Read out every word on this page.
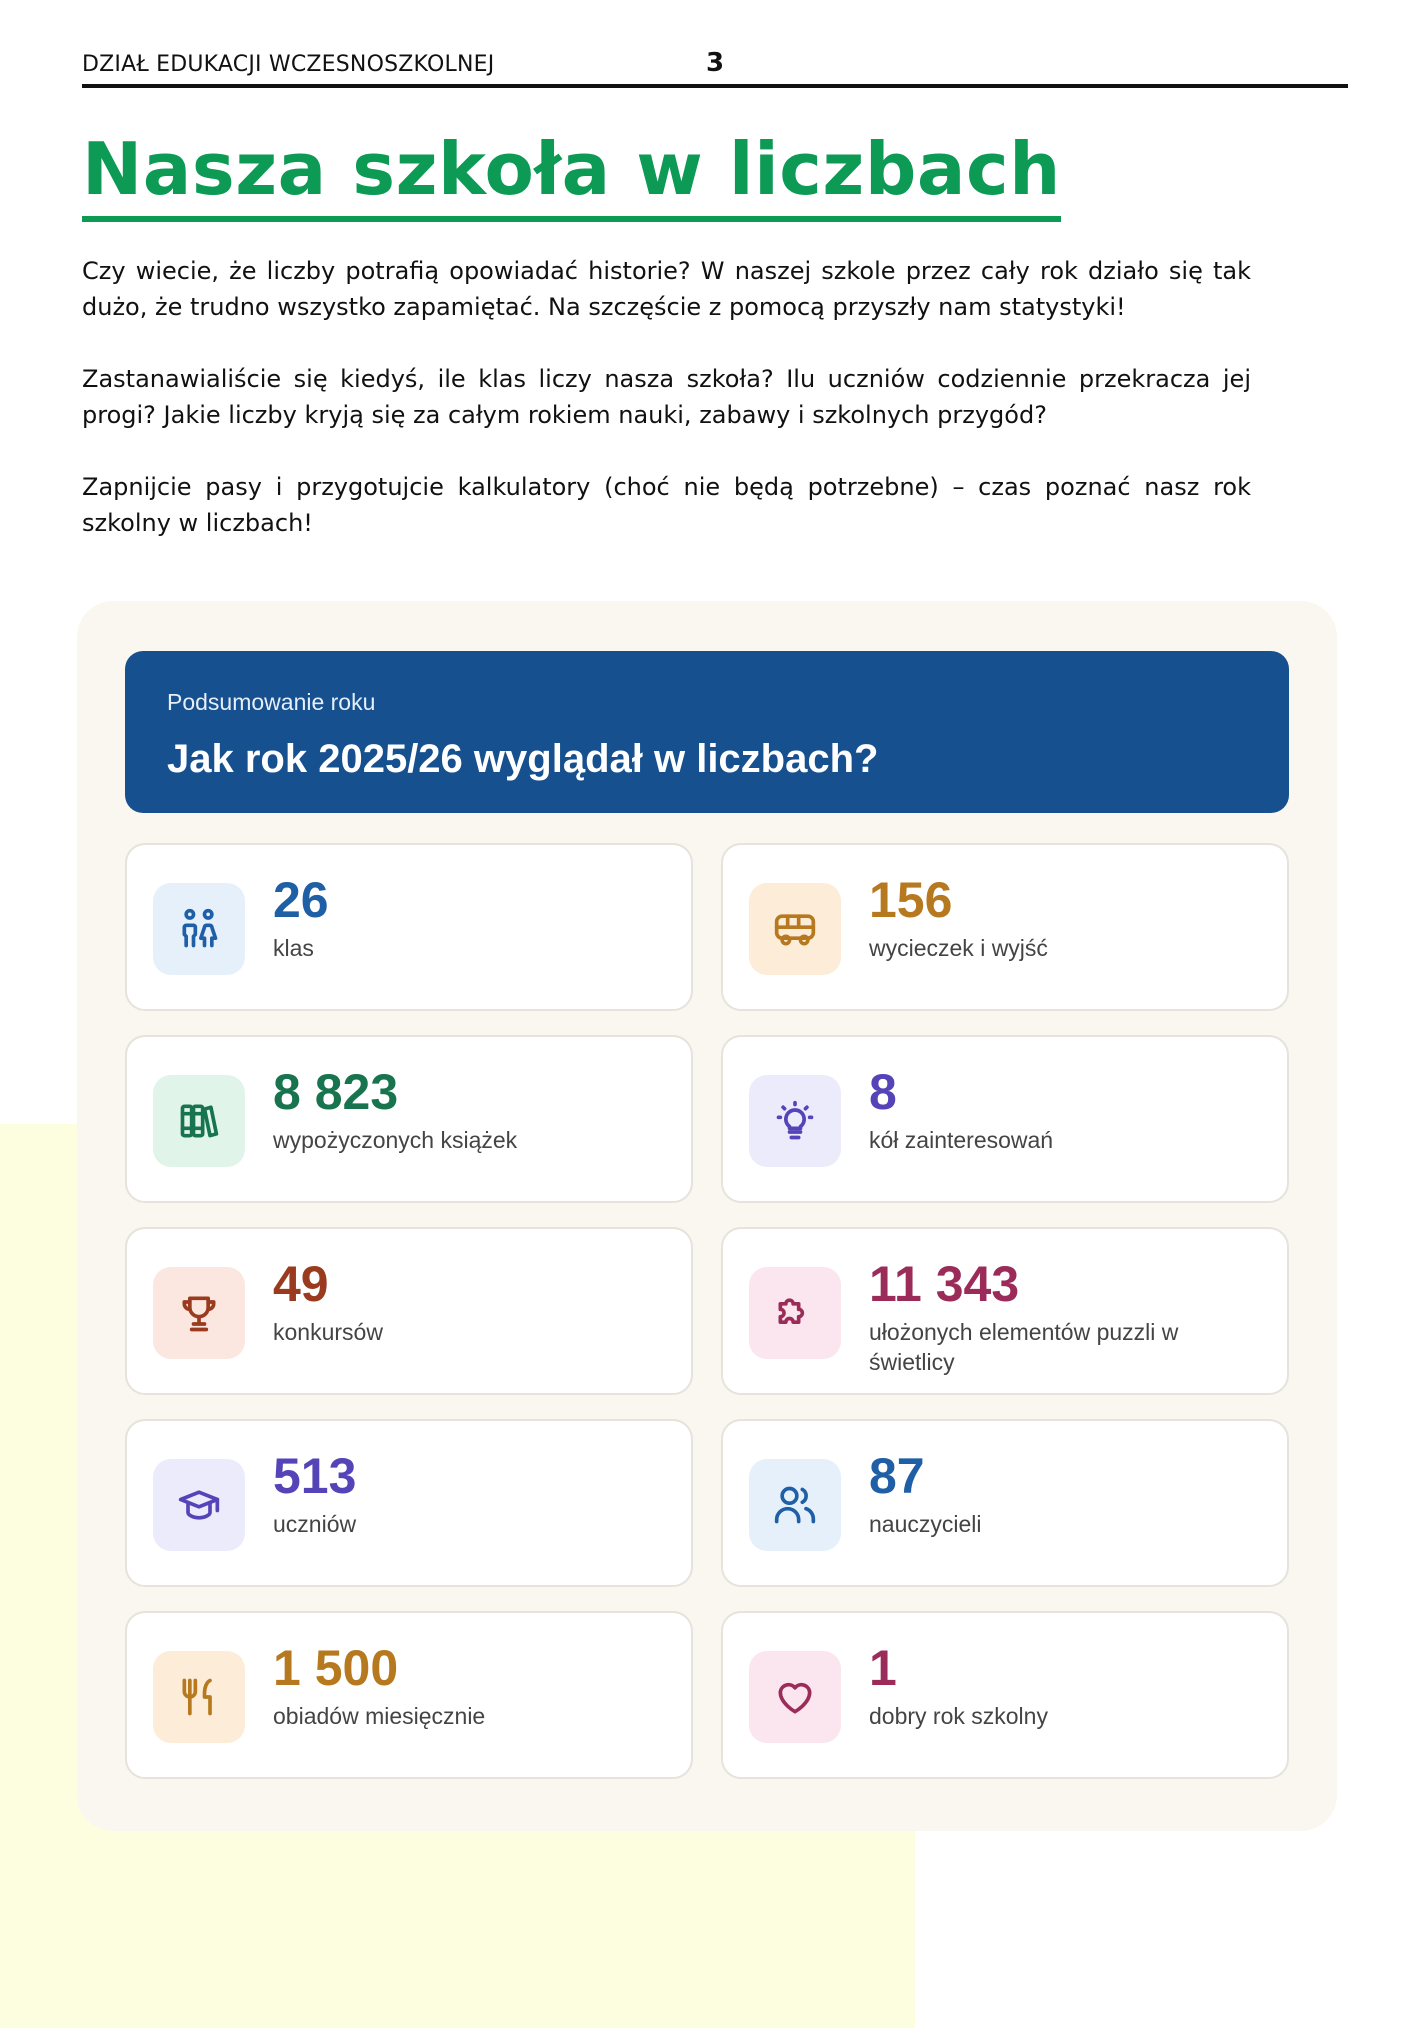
DZIAŁ EDUKACJI WCZESNOSZKOLNEJ	3
Nasza szkoła w liczbach

Czy wiecie, że liczby potrafią opowiadać historie? W naszej szkole przez cały rok działo się tak dużo, że trudno wszystko zapamiętać. Na szczęście z pomocą przyszły nam statystyki!

Zastanawialiście się kiedyś, ile klas liczy nasza szkoła? Ilu uczniów codziennie przekracza jej progi? Jakie liczby kryją się za całym rokiem nauki, zabawy i szkolnych przygód?

Zapnijcie pasy i przygotujcie kalkulatory (choć nie będą potrzebne) – czas poznać nasz rok szkolny w liczbach!

Podsumowanie roku
Jak rok 2025/26 wyglądał w liczbach?
26
klas
156
wycieczek i wyjść
8 823
wypożyczonych książek
8
kół zainteresowań
49
konkursów
11 343
ułożonych elementów puzzli w świetlicy
513
uczniów
87
nauczycieli
1 500
obiadów miesięcznie
1
dobry rok szkolny
